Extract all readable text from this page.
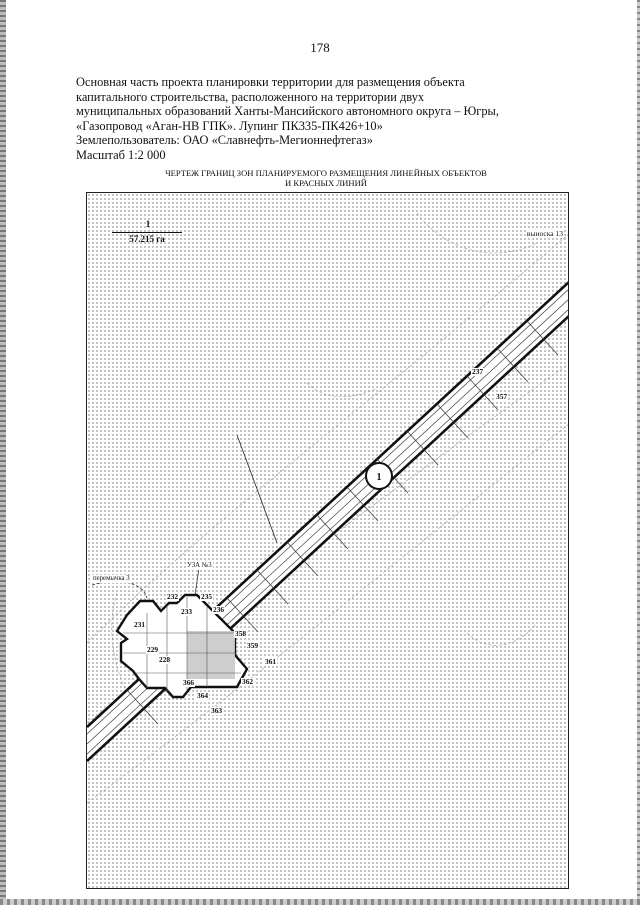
178
Основная часть проекта планировки территории для размещения объекта
капитального строительства, расположенного на территории двух
муниципальных образований Ханты-Мансийского автономного округа – Югры,
«Газопровод «Аган-НВ ГПК». Лупинг ПК335-ПК426+10»
Землепользователь: ОАО «Славнефть-Мегионнефтегаз»
Масштаб 1:2 000
ЧЕРТЕЖ ГРАНИЦ ЗОН ПЛАНИРУЕМОГО РАЗМЕЩЕНИЯ ЛИНЕЙНЫХ ОБЪЕКТОВ
И КРАСНЫХ ЛИНИЙ
выноска 13
1
57.215 га
1
УЗА №3
перемычка 3
237
357
232
233
235
236
231
229
228
358
359
361
362
366
364
363
